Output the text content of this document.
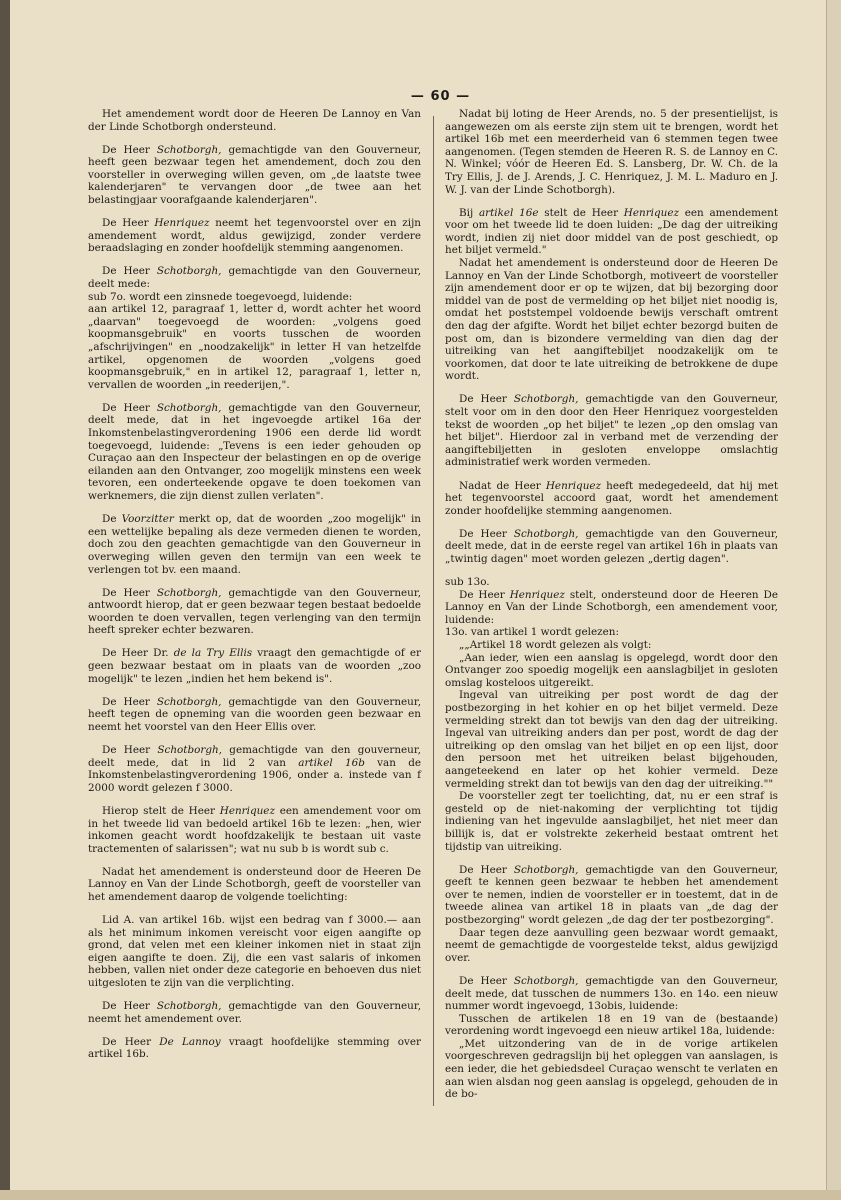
— 60 —

Het amendement wordt door de Heeren De Lannoy en Van der Linde Schotborgh ondersteund.

De Heer Schotborgh, gemachtigde van den Gouverneur, heeft geen bezwaar tegen het amendement, doch zou den voorsteller in overweging willen geven, om „de laatste twee kalenderjaren" te vervangen door „de twee aan het belastingjaar voorafgaande kalenderjaren".

De Heer Henriquez neemt het tegenvoorstel over en zijn amendement wordt, aldus gewijzigd, zonder verdere beraadslaging en zonder hoofdelijk stemming aangenomen.

De Heer Schotborgh, gemachtigde van den Gouverneur, deelt mede:

sub 7o. wordt een zinsnede toegevoegd, luidende:

aan artikel 12, paragraaf 1, letter d, wordt achter het woord „daarvan" toegevoegd de woorden: „volgens goed koopmansgebruik" en voorts tusschen de woorden „afschrijvingen" en „noodzakelijk" in letter H van hetzelfde artikel, opgenomen de woorden „volgens goed koopmansgebruik," en in artikel 12, paragraaf 1, letter n, vervallen de woorden „in reederijen,".

De Heer Schotborgh, gemachtigde van den Gouverneur, deelt mede, dat in het ingevoegde artikel 16a der Inkomstenbelastingverordening 1906 een derde lid wordt toegevoegd, luidende: „Tevens is een ieder gehouden op Curaçao aan den Inspecteur der belastingen en op de overige eilanden aan den Ontvanger, zoo mogelijk minstens een week tevoren, een onderteekende opgave te doen toekomen van werknemers, die zijn dienst zullen verlaten".

De Voorzitter merkt op, dat de woorden „zoo mogelijk" in een wettelijke bepaling als deze vermeden dienen te worden, doch zou den geachten gemachtigde van den Gouverneur in overweging willen geven den termijn van een week te verlengen tot bv. een maand.

De Heer Schotborgh, gemachtigde van den Gouverneur, antwoordt hierop, dat er geen bezwaar tegen bestaat bedoelde woorden te doen vervallen, tegen verlenging van den termijn heeft spreker echter bezwaren.

De Heer Dr. de la Try Ellis vraagt den gemachtigde of er geen bezwaar bestaat om in plaats van de woorden „zoo mogelijk" te lezen „indien het hem bekend is".

De Heer Schotborgh, gemachtigde van den Gouverneur, heeft tegen de opneming van die woorden geen bezwaar en neemt het voorstel van den Heer Ellis over.

De Heer Schotborgh, gemachtigde van den gouverneur, deelt mede, dat in lid 2 van artikel 16b van de Inkomstenbelastingverordening 1906, onder a. instede van f 2000 wordt gelezen f 3000.

Hierop stelt de Heer Henriquez een amendement voor om in het tweede lid van bedoeld artikel 16b te lezen: „hen, wier inkomen geacht wordt hoofdzakelijk te bestaan uit vaste tractementen of salarissen"; wat nu sub b is wordt sub c.

Nadat het amendement is ondersteund door de Heeren De Lannoy en Van der Linde Schotborgh, geeft de voorsteller van het amendement daarop de volgende toelichting:

Lid A. van artikel 16b. wijst een bedrag van f 3000.— aan als het minimum inkomen vereischt voor eigen aangifte op grond, dat velen met een kleiner inkomen niet in staat zijn eigen aangifte te doen. Zij, die een vast salaris of inkomen hebben, vallen niet onder deze categorie en behoeven dus niet uitgesloten te zijn van die verplichting.

De Heer Schotborgh, gemachtigde van den Gouverneur, neemt het amendement over.

De Heer De Lannoy vraagt hoofdelijke stemming over artikel 16b.

Nadat bij loting de Heer Arends, no. 5 der presentielijst, is aangewezen om als eerste zijn stem uit te brengen, wordt het artikel 16b met een meerderheid van 6 stemmen tegen twee aangenomen. (Tegen stemden de Heeren R. S. de Lannoy en C. N. Winkel; vóór de Heeren Ed. S. Lansberg, Dr. W. Ch. de la Try Ellis, J. de J. Arends, J. C. Henriquez, J. M. L. Maduro en J. W. J. van der Linde Schotborgh).

Bij artikel 16e stelt de Heer Henriquez een amendement voor om het tweede lid te doen luiden: „De dag der uitreiking wordt, indien zij niet door middel van de post geschiedt, op het biljet vermeld."

Nadat het amendement is ondersteund door de Heeren De Lannoy en Van der Linde Schotborgh, motiveert de voorsteller zijn amendement door er op te wijzen, dat bij bezorging door middel van de post de vermelding op het biljet niet noodig is, omdat het poststempel voldoende bewijs verschaft omtrent den dag der afgifte. Wordt het biljet echter bezorgd buiten de post om, dan is bizondere vermelding van dien dag der uitreiking van het aangiftebiljet noodzakelijk om te voorkomen, dat door te late uitreiking de betrokkene de dupe wordt.

De Heer Schotborgh, gemachtigde van den Gouverneur, stelt voor om in den door den Heer Henriquez voorgestelden tekst de woorden „op het biljet" te lezen „op den omslag van het biljet". Hierdoor zal in verband met de verzending der aangiftebiljetten in gesloten enveloppe omslachtig administratief werk worden vermeden.

Nadat de Heer Henriquez heeft medegedeeld, dat hij met het tegenvoorstel accoord gaat, wordt het amendement zonder hoofdelijke stemming aangenomen.

De Heer Schotborgh, gemachtigde van den Gouverneur, deelt mede, dat in de eerste regel van artikel 16h in plaats van „twintig dagen" moet worden gelezen „dertig dagen".

sub 13o.

De Heer Henriquez stelt, ondersteund door de Heeren De Lannoy en Van der Linde Schotborgh, een amendement voor, luidende:

13o. van artikel 1 wordt gelezen:

„„Artikel 18 wordt gelezen als volgt:

„Aan ieder, wien een aanslag is opgelegd, wordt door den Ontvanger zoo spoedig mogelijk een aanslagbiljet in gesloten omslag kosteloos uitgereikt.

Ingeval van uitreiking per post wordt de dag der postbezorging in het kohier en op het biljet vermeld. Deze vermelding strekt dan tot bewijs van den dag der uitreiking. Ingeval van uitreiking anders dan per post, wordt de dag der uitreiking op den omslag van het biljet en op een lijst, door den persoon met het uitreiken belast bijgehouden, aangeteekend en later op het kohier vermeld. Deze vermelding strekt dan tot bewijs van den dag der uitreiking.""

De voorsteller zegt ter toelichting, dat, nu er een straf is gesteld op de niet-nakoming der verplichting tot tijdig indiening van het ingevulde aanslagbiljet, het niet meer dan billijk is, dat er volstrekte zekerheid bestaat omtrent het tijdstip van uitreiking.

De Heer Schotborgh, gemachtigde van den Gouverneur, geeft te kennen geen bezwaar te hebben het amendement over te nemen, indien de voorsteller er in toestemt, dat in de tweede alinea van artikel 18 in plaats van „de dag der postbezorging" wordt gelezen „de dag der ter postbezorging".

Daar tegen deze aanvulling geen bezwaar wordt gemaakt, neemt de gemachtigde de voorgestelde tekst, aldus gewijzigd over.

De Heer Schotborgh, gemachtigde van den Gouverneur, deelt mede, dat tusschen de nummers 13o. en 14o. een nieuw nummer wordt ingevoegd, 13obis, luidende:

Tusschen de artikelen 18 en 19 van de (bestaande) verordening wordt ingevoegd een nieuw artikel 18a, luidende:

„Met uitzondering van de in de vorige artikelen voorgeschreven gedragslijn bij het opleggen van aanslagen, is een ieder, die het gebiedsdeel Curaçao wenscht te verlaten en aan wien alsdan nog geen aanslag is opgelegd, gehouden de in de bo-
